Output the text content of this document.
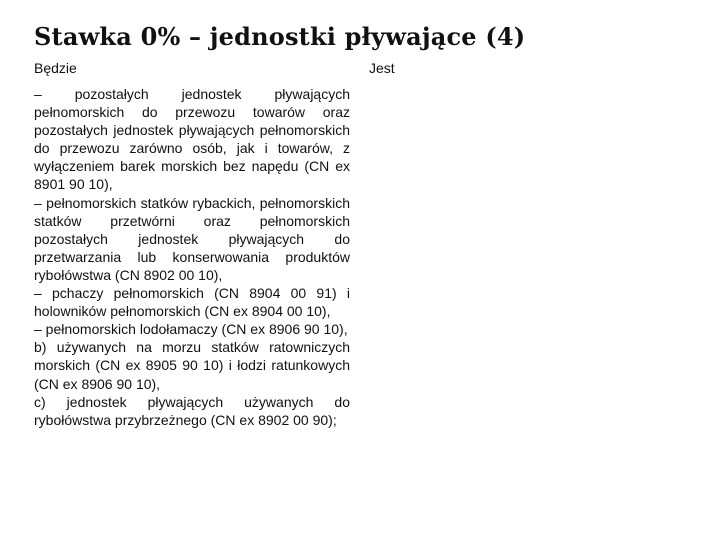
Stawka 0% – jednostki pływające (4)

Będzie	Jest

– pozostałych jednostek pływających pełnomorskich do przewozu towarów oraz pozostałych jednostek pływających pełnomorskich do przewozu zarówno osób, jak i towarów, z wyłączeniem barek morskich bez napędu (CN ex 8901 90 10),

– pełnomorskich statków rybackich, pełnomorskich statków przetwórni oraz pełnomorskich pozostałych jednostek pływających do przetwarzania lub konserwowania produktów rybołówstwa (CN 8902 00 10),

– pchaczy pełnomorskich (CN 8904 00 91) i holowników pełnomorskich (CN ex 8904 00 10),

– pełnomorskich lodołamaczy (CN ex 8906 90 10),

b) używanych na morzu statków ratowniczych morskich (CN ex 8905 90 10) i łodzi ratunkowych (CN ex 8906 90 10),

c) jednostek pływających używanych do rybołówstwa przybrzeżnego (CN ex 8902 00 90);
